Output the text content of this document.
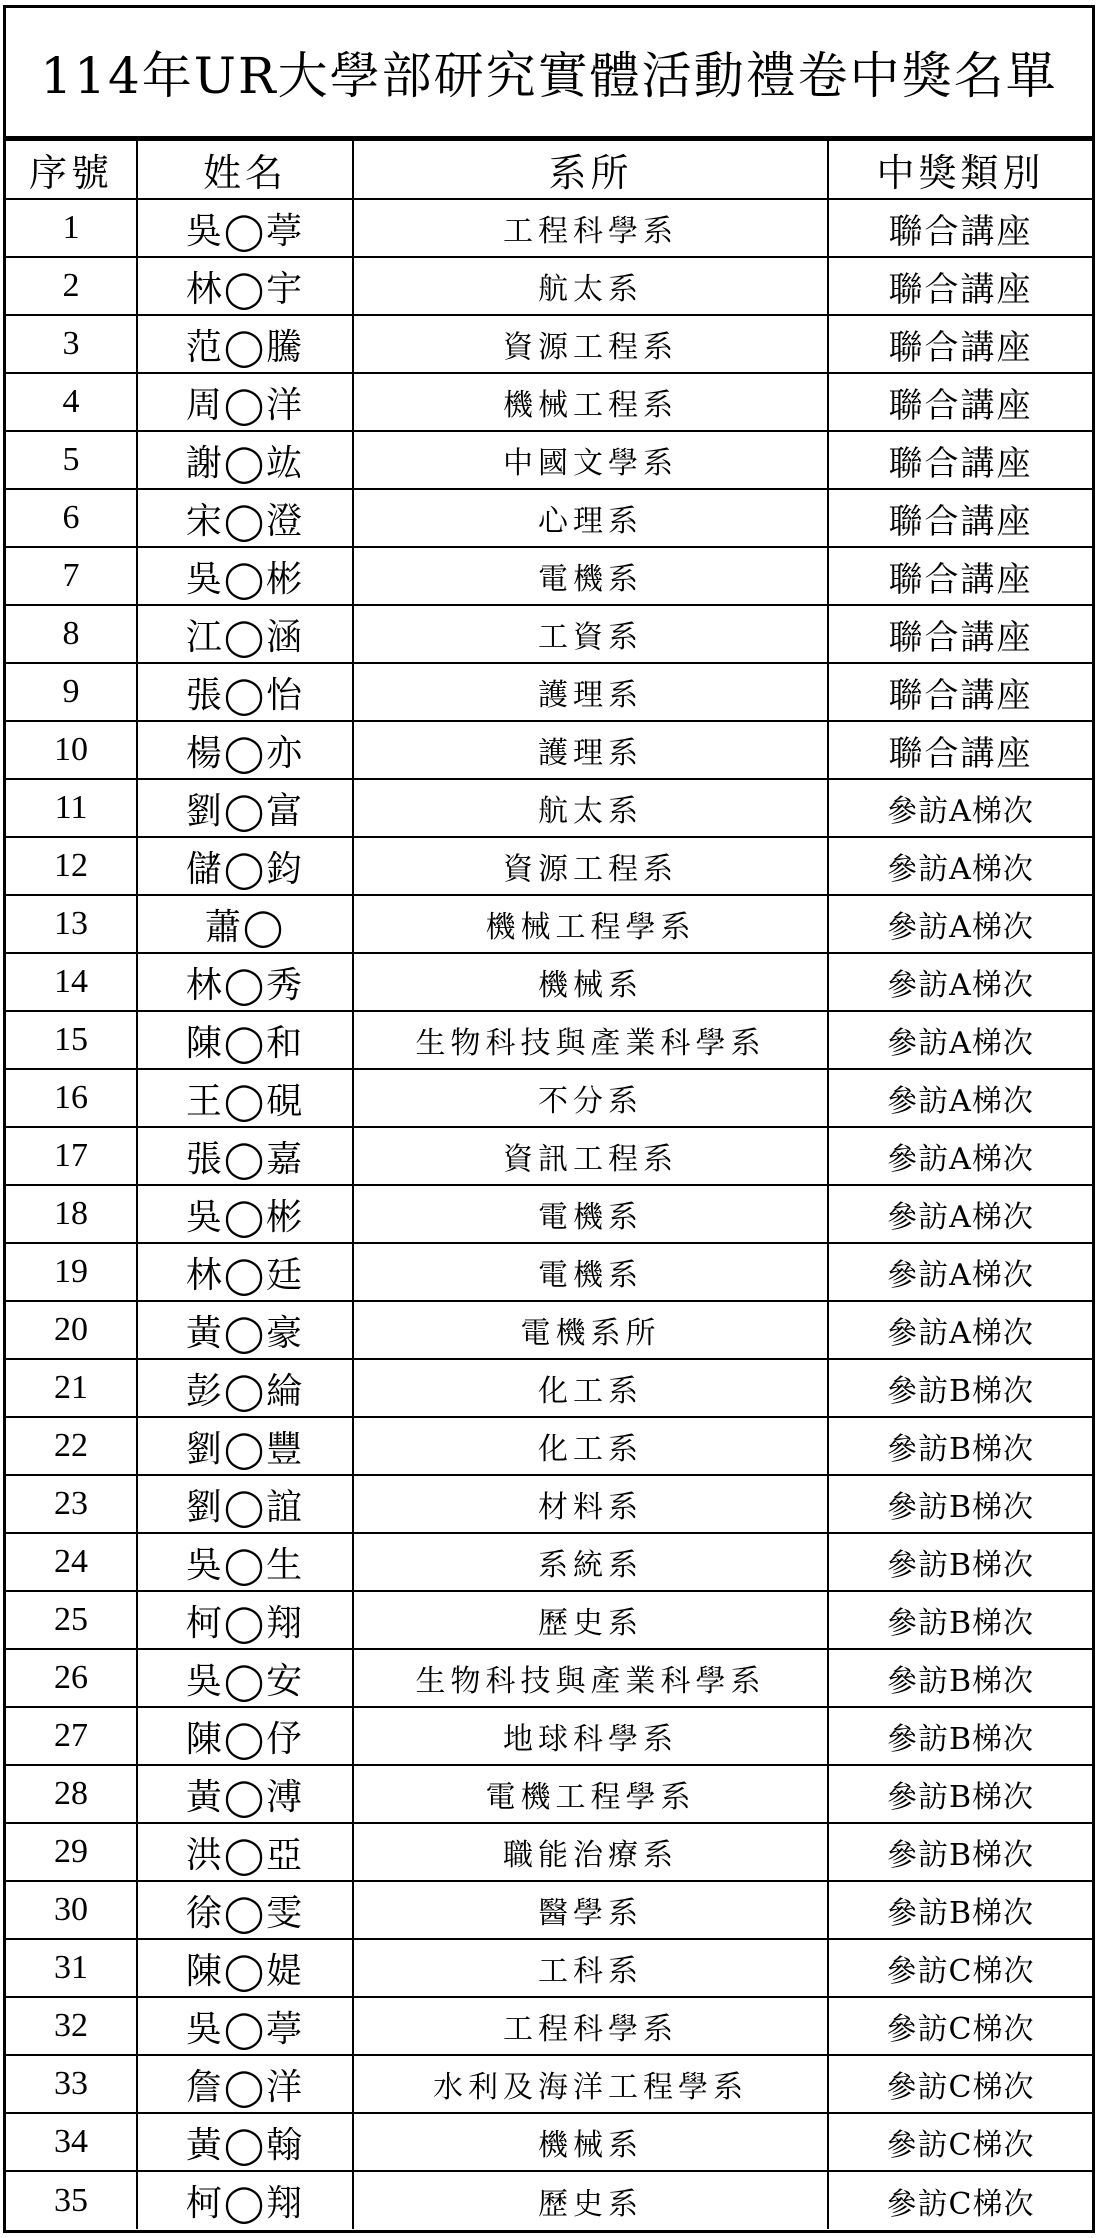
114年UR大學部研究實體活動禮卷中獎名單
序號	姓名	系所	中獎類別
1	吳◯葶	工程科學系	聯合講座
2	林◯宇	航太系	聯合講座
3	范◯騰	資源工程系	聯合講座
4	周◯洋	機械工程系	聯合講座
5	謝◯竑	中國文學系	聯合講座
6	宋◯澄	心理系	聯合講座
7	吳◯彬	電機系	聯合講座
8	江◯涵	工資系	聯合講座
9	張◯怡	護理系	聯合講座
10	楊◯亦	護理系	聯合講座
11	劉◯富	航太系	參訪A梯次
12	儲◯鈞	資源工程系	參訪A梯次
13	蕭◯	機械工程學系	參訪A梯次
14	林◯秀	機械系	參訪A梯次
15	陳◯和	生物科技與產業科學系	參訪A梯次
16	王◯硯	不分系	參訪A梯次
17	張◯嘉	資訊工程系	參訪A梯次
18	吳◯彬	電機系	參訪A梯次
19	林◯廷	電機系	參訪A梯次
20	黃◯豪	電機系所	參訪A梯次
21	彭◯綸	化工系	參訪B梯次
22	劉◯豐	化工系	參訪B梯次
23	劉◯誼	材料系	參訪B梯次
24	吳◯生	系統系	參訪B梯次
25	柯◯翔	歷史系	參訪B梯次
26	吳◯安	生物科技與產業科學系	參訪B梯次
27	陳◯伃	地球科學系	參訪B梯次
28	黃◯溥	電機工程學系	參訪B梯次
29	洪◯亞	職能治療系	參訪B梯次
30	徐◯雯	醫學系	參訪B梯次
31	陳◯媞	工科系	參訪C梯次
32	吳◯葶	工程科學系	參訪C梯次
33	詹◯洋	水利及海洋工程學系	參訪C梯次
34	黃◯翰	機械系	參訪C梯次
35	柯◯翔	歷史系	參訪C梯次
